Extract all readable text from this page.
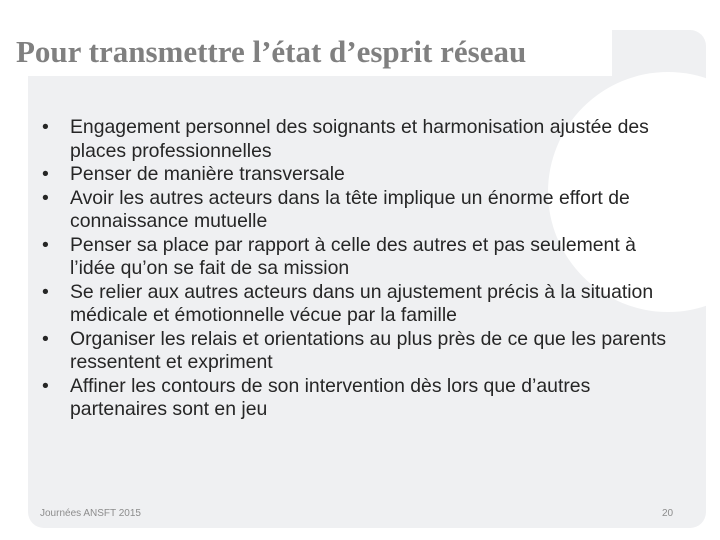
Pour transmettre l’état d’esprit réseau
• Engagement personnel des soignants et harmonisation ajustée des places professionnelles
• Penser de manière transversale
• Avoir les autres acteurs dans la tête implique un énorme effort de connaissance mutuelle
• Penser sa place par rapport à celle des autres et pas seulement à l’idée qu’on se fait de sa mission
• Se relier aux autres acteurs dans un ajustement précis à la situation médicale et émotionnelle vécue par la famille
• Organiser les relais et orientations au plus près de ce que les parents ressentent et expriment
• Affiner les contours de son intervention dès lors que d’autres partenaires sont en jeu
Journées ANSFT 2015	20
